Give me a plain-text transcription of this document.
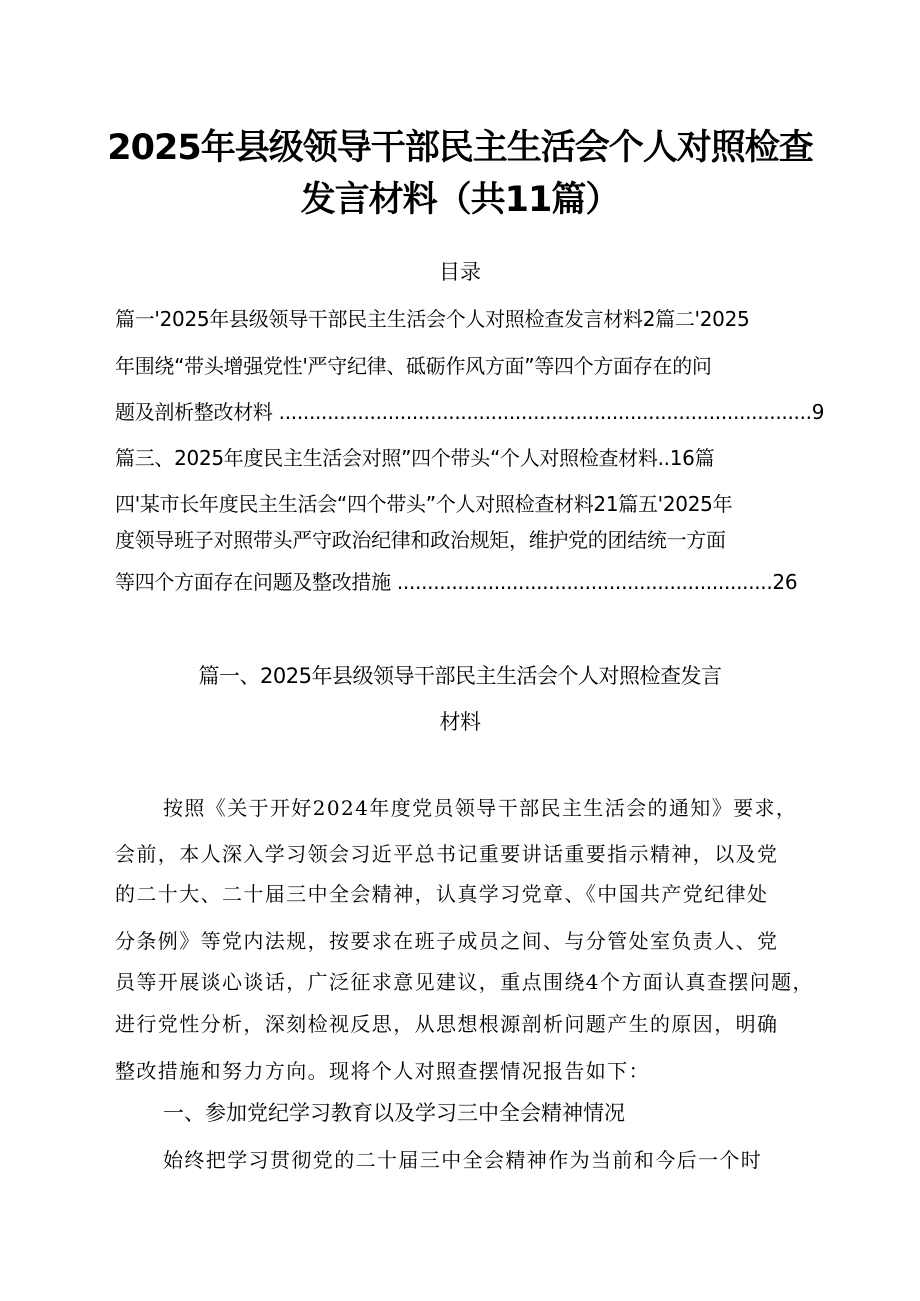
2025年县级领导干部民主生活会个人对照检查
发言材料（共11篇）
目录
篇一'2025年县级领导干部民主生活会个人对照检查发言材料2篇二'2025
年围绕“带头增强党性'严守纪律、砥砺作风方面”等四个方面存在的问
题及剖析整改材料 ........................................................................................9
篇三、2025年度民主生活会对照”四个带头“个人对照检查材料..16篇
四'某市长年度民主生活会“四个带头”个人对照检查材料21篇五'2025年
度领导班子对照带头严守政治纪律和政治规矩，维护党的团结统一方面
等四个方面存在问题及整改措施 ..............................................................26
篇一、2025年县级领导干部民主生活会个人对照检查发言
材料
按照《关于开好2024年度党员领导干部民主生活会的通知》要求，
会前，本人深入学习领会习近平总书记重要讲话重要指示精神，以及党
的二十大、二十届三中全会精神，认真学习党章、《中国共产党纪律处
分条例》等党内法规，按要求在班子成员之间、与分管处室负责人、党
员等开展谈心谈话，广泛征求意见建议，重点围绕4个方面认真查摆问题，
进行党性分析，深刻检视反思，从思想根源剖析问题产生的原因，明确
整改措施和努力方向。现将个人对照查摆情况报告如下：
一、参加党纪学习教育以及学习三中全会精神情况
始终把学习贯彻党的二十届三中全会精神作为当前和今后一个时
